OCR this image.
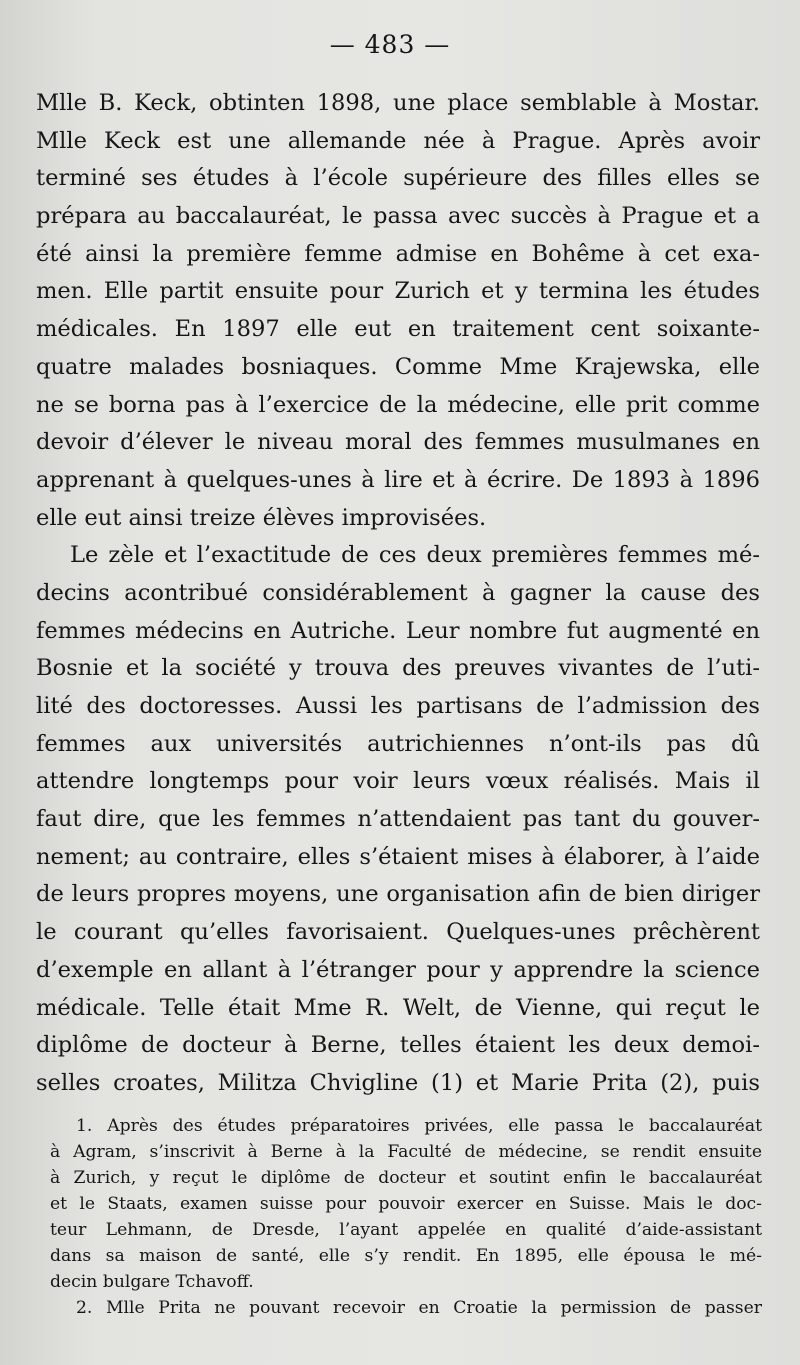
— 483 —
Mlle B. Keck, obtinten 1898, une place semblable à Mostar.
Mlle Keck est une allemande née à Prague. Après avoir
terminé ses études à l’école supérieure des filles elles se
prépara au baccalauréat, le passa avec succès à Prague et a
été ainsi la première femme admise en Bohême à cet exa-
men. Elle partit ensuite pour Zurich et y termina les études
médicales. En 1897 elle eut en traitement cent soixante-
quatre malades bosniaques. Comme Mme Krajewska, elle
ne se borna pas à l’exercice de la médecine, elle prit comme
devoir d’élever le niveau moral des femmes musulmanes en
apprenant à quelques-unes à lire et à écrire. De 1893 à 1896
elle eut ainsi treize élèves improvisées.
Le zèle et l’exactitude de ces deux premières femmes mé-
decins acontribué considérablement à gagner la cause des
femmes médecins en Autriche. Leur nombre fut augmenté en
Bosnie et la société y trouva des preuves vivantes de l’uti-
lité des doctoresses. Aussi les partisans de l’admission des
femmes aux universités autrichiennes n’ont-ils pas dû
attendre longtemps pour voir leurs vœux réalisés. Mais il
faut dire, que les femmes n’attendaient pas tant du gouver-
nement; au contraire, elles s’étaient mises à élaborer, à l’aide
de leurs propres moyens, une organisation afin de bien diriger
le courant qu’elles favorisaient. Quelques-unes prêchèrent
d’exemple en allant à l’étranger pour y apprendre la science
médicale. Telle était Mme R. Welt, de Vienne, qui reçut le
diplôme de docteur à Berne, telles étaient les deux demoi-
selles croates, Militza Chvigline (1) et Marie Prita (2), puis
1. Après des études préparatoires privées, elle passa le baccalauréat
à Agram, s’inscrivit à Berne à la Faculté de médecine, se rendit ensuite
à Zurich, y reçut le diplôme de docteur et soutint enfin le baccalauréat
et le Staats, examen suisse pour pouvoir exercer en Suisse. Mais le doc-
teur Lehmann, de Dresde, l’ayant appelée en qualité d’aide-assistant
dans sa maison de santé, elle s’y rendit. En 1895, elle épousa le mé-
decin bulgare Tchavoff.
2. Mlle Prita ne pouvant recevoir en Croatie la permission de passer
